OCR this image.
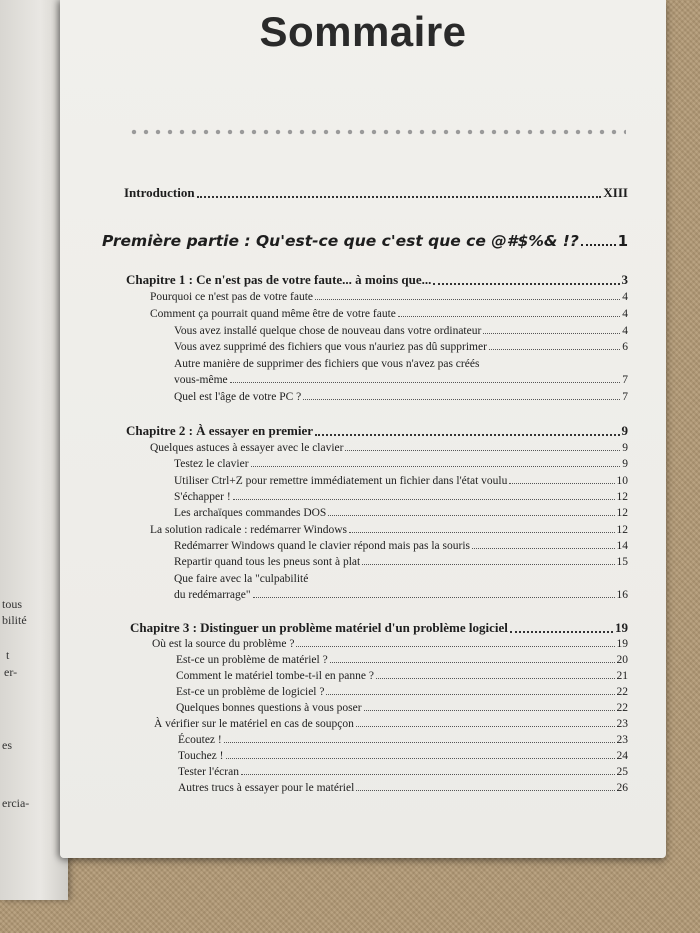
tous
bilité
t
er-
es
ercia-
Sommaire
Introduction	XIII
Première partie : Qu'est-ce que c'est que ce @#$%& !?	1
Chapitre 1 : Ce n'est pas de votre faute... à moins que...	3
Pourquoi ce n'est pas de votre faute	4
Comment ça pourrait quand même être de votre faute	4
Vous avez installé quelque chose de nouveau dans votre ordinateur	4
Vous avez supprimé des fichiers que vous n'auriez pas dû supprimer	6
Autre manière de supprimer des fichiers que vous n'avez pas créés
vous-même	7
Quel est l'âge de votre PC ?	7
Chapitre 2 : À essayer en premier	9
Quelques astuces à essayer avec le clavier	9
Testez le clavier	9
Utiliser Ctrl+Z pour remettre immédiatement un fichier dans l'état voulu	10
S'échapper !	12
Les archaïques commandes DOS	12
La solution radicale : redémarrer Windows	12
Redémarrer Windows quand le clavier répond mais pas la souris	14
Repartir quand tous les pneus sont à plat	15
Que faire avec la "culpabilité
du redémarrage"	16
Chapitre 3 : Distinguer un problème matériel d'un problème logiciel	19
Où est la source du problème ?	19
Est-ce un problème de matériel ?	20
Comment le matériel tombe-t-il en panne ?	21
Est-ce un problème de logiciel ?	22
Quelques bonnes questions à vous poser	22
À vérifier sur le matériel en cas de soupçon	23
Écoutez !	23
Touchez !	24
Tester l'écran	25
Autres trucs à essayer pour le matériel	26
